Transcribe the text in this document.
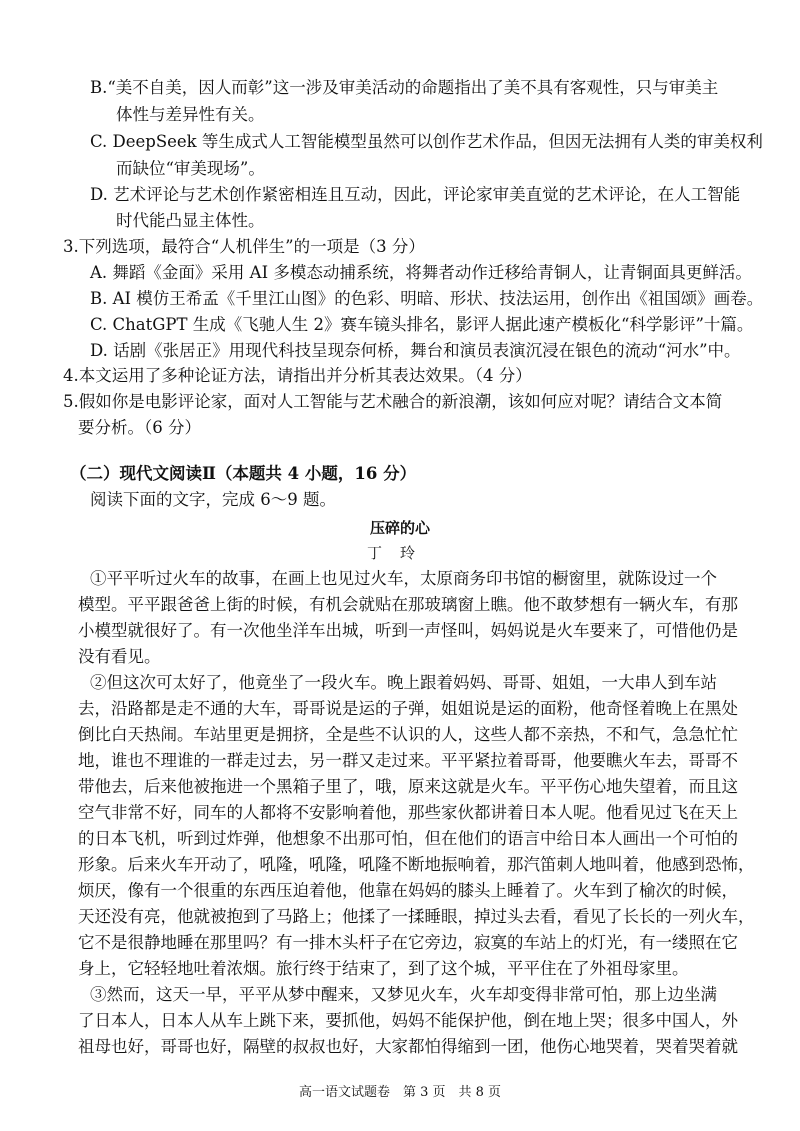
B.“美不自美，因人而彰”这一涉及审美活动的命题指出了美不具有客观性，只与审美主
体性与差异性有关。
C. DeepSeek 等生成式人工智能模型虽然可以创作艺术作品，但因无法拥有人类的审美权利
而缺位“审美现场”。
D. 艺术评论与艺术创作紧密相连且互动，因此，评论家审美直觉的艺术评论，在人工智能
时代能凸显主体性。
3.下列选项，最符合“人机伴生”的一项是（3 分）
A. 舞蹈《金面》采用 AI 多模态动捕系统，将舞者动作迁移给青铜人，让青铜面具更鲜活。
B. AI 模仿王希孟《千里江山图》的色彩、明暗、形状、技法运用，创作出《祖国颂》画卷。
C. ChatGPT 生成《飞驰人生 2》赛车镜头排名，影评人据此速产模板化“科学影评”十篇。
D. 话剧《张居正》用现代科技呈现奈何桥，舞台和演员表演沉浸在银色的流动“河水”中。
4.本文运用了多种论证方法，请指出并分析其表达效果。（4 分）
5.假如你是电影评论家，面对人工智能与艺术融合的新浪潮，该如何应对呢？请结合文本简
要分析。（6 分）
（二）现代文阅读Ⅱ（本题共 4 小题，16 分）
阅读下面的文字，完成 6～9 题。
压碎的心
丁玲
①平平听过火车的故事，在画上也见过火车，太原商务印书馆的橱窗里，就陈设过一个
模型。平平跟爸爸上街的时候，有机会就贴在那玻璃窗上瞧。他不敢梦想有一辆火车，有那
小模型就很好了。有一次他坐洋车出城，听到一声怪叫，妈妈说是火车要来了，可惜他仍是
没有看见。
②但这次可太好了，他竟坐了一段火车。晚上跟着妈妈、哥哥、姐姐，一大串人到车站
去，沿路都是走不通的大车，哥哥说是运的子弹，姐姐说是运的面粉，他奇怪着晚上在黑处
倒比白天热闹。车站里更是拥挤，全是些不认识的人，这些人都不亲热，不和气，急急忙忙
地，谁也不理谁的一群走过去，另一群又走过来。平平紧拉着哥哥，他要瞧火车去，哥哥不
带他去，后来他被拖进一个黑箱子里了，哦，原来这就是火车。平平伤心地失望着，而且这
空气非常不好，同车的人都将不安影响着他，那些家伙都讲着日本人呢。他看见过飞在天上
的日本飞机，听到过炸弹，他想象不出那可怕，但在他们的语言中给日本人画出一个可怕的
形象。后来火车开动了，吼隆，吼隆，吼隆不断地振响着，那汽笛刺人地叫着，他感到恐怖，
烦厌，像有一个很重的东西压迫着他，他靠在妈妈的膝头上睡着了。火车到了榆次的时候，
天还没有亮，他就被抱到了马路上；他揉了一揉睡眼，掉过头去看，看见了长长的一列火车，
它不是很静地睡在那里吗？有一排木头杆子在它旁边，寂寞的车站上的灯光，有一缕照在它
身上，它轻轻地吐着浓烟。旅行终于结束了，到了这个城，平平住在了外祖母家里。
③然而，这天一早，平平从梦中醒来，又梦见火车，火车却变得非常可怕，那上边坐满
了日本人，日本人从车上跳下来，要抓他，妈妈不能保护他，倒在地上哭；很多中国人，外
祖母也好，哥哥也好，隔壁的叔叔也好，大家都怕得缩到一团，他伤心地哭着，哭着哭着就
高一语文试题卷　第 3 页　共 8 页
